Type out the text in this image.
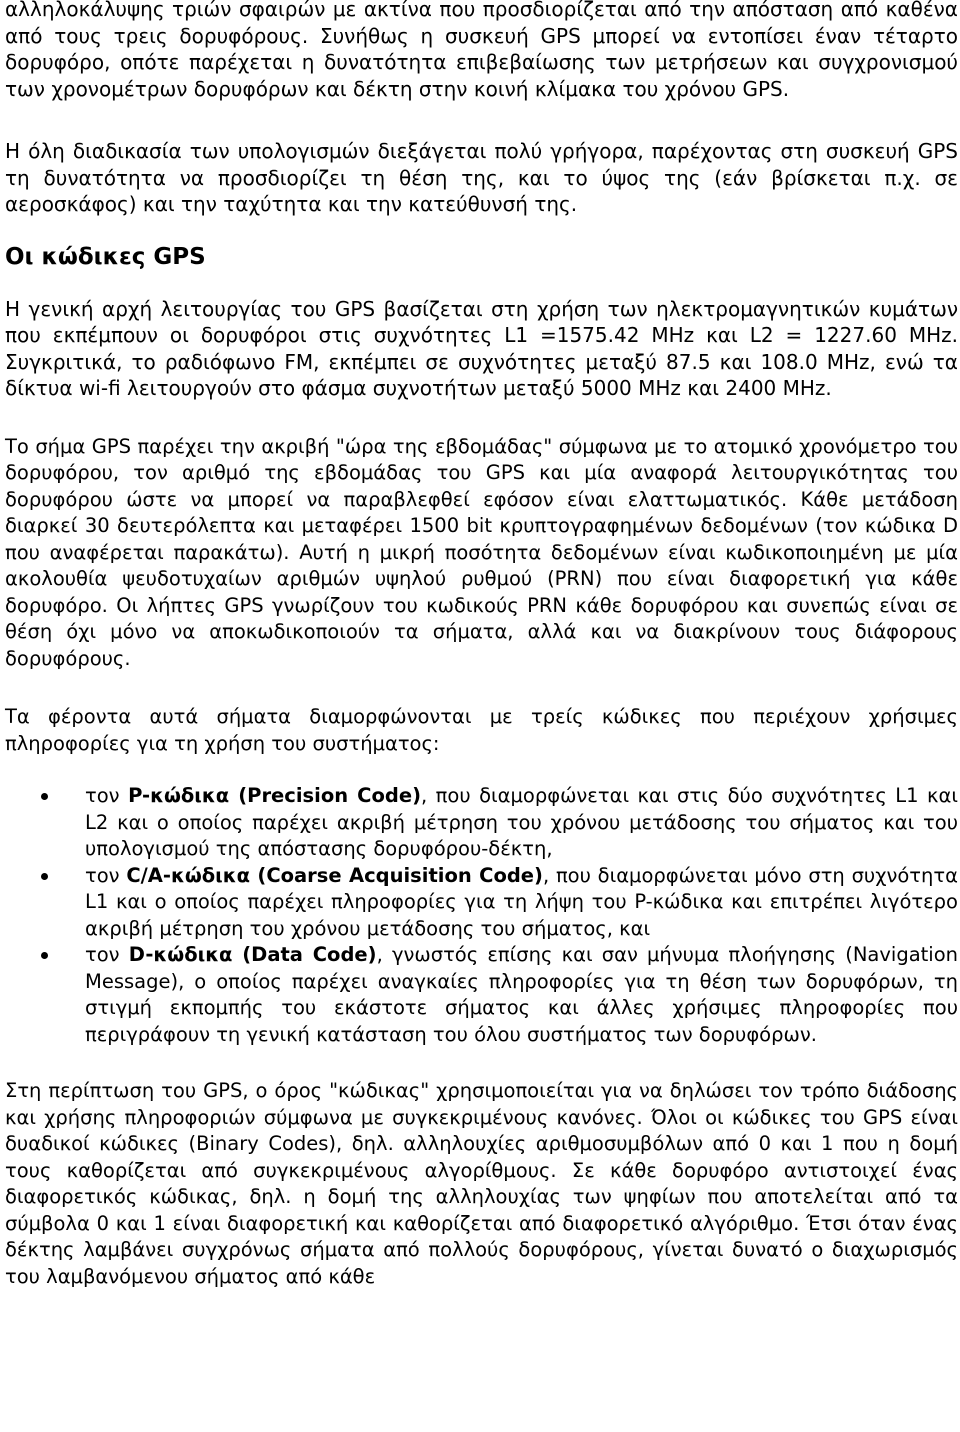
αλληλοκάλυψης τριών σφαιρών με ακτίνα που προσδιορίζεται από την απόσταση από καθένα από τους τρεις δορυφόρους. Συνήθως η συσκευή GPS μπορεί να εντοπίσει έναν τέταρτο δορυφόρο, οπότε παρέχεται η δυνατότητα επιβεβαίωσης των μετρήσεων και συγχρονισμού των χρονομέτρων δορυφόρων και δέκτη στην κοινή κλίμακα του χρόνου GPS.

Η όλη διαδικασία των υπολογισμών διεξάγεται πολύ γρήγορα, παρέχοντας στη συσκευή GPS τη δυνατότητα να προσδιορίζει τη θέση της, και το ύψος της (εάν βρίσκεται π.χ. σε αεροσκάφος) και την ταχύτητα και την κατεύθυνσή της.

Οι κώδικες GPS

Η γενική αρχή λειτουργίας του GPS βασίζεται στη χρήση των ηλεκτρομαγνητικών κυμάτων που εκπέμπουν οι δορυφόροι στις συχνότητες L1 =1575.42 MHz και L2 = 1227.60 MHz. Συγκριτικά, το ραδιόφωνο FM, εκπέμπει σε συχνότητες μεταξύ 87.5 και 108.0 MHz, ενώ τα δίκτυα wi-fi λειτουργούν στο φάσμα συχνοτήτων μεταξύ 5000 MHz και 2400 MHz.

Το σήμα GPS παρέχει την ακριβή "ώρα της εβδομάδας" σύμφωνα με το ατομικό χρονόμετρο του δορυφόρου, τον αριθμό της εβδομάδας του GPS και μία αναφορά λειτουργικότητας του δορυφόρου ώστε να μπορεί να παραβλεφθεί εφόσον είναι ελαττωματικός. Κάθε μετάδοση διαρκεί 30 δευτερόλεπτα και μεταφέρει 1500 bit κρυπτογραφημένων δεδομένων (τον κώδικα D που αναφέρεται παρακάτω). Αυτή η μικρή ποσότητα δεδομένων είναι κωδικοποιημένη με μία ακολουθία ψευδοτυχαίων αριθμών υψηλού ρυθμού (PRN) που είναι διαφορετική για κάθε δορυφόρο. Οι λήπτες GPS γνωρίζουν του κωδικούς PRN κάθε δορυφόρου και συνεπώς είναι σε θέση όχι μόνο να αποκωδικοποιούν τα σήματα, αλλά και να διακρίνουν τους διάφορους δορυφόρους.

Τα φέροντα αυτά σήματα διαμορφώνονται με τρείς κώδικες που περιέχουν χρήσιμες πληροφορίες για τη χρήση του συστήματος:

τον P-κώδικα (Precision Code), που διαμορφώνεται και στις δύο συχνότητες L1 και L2 και ο οποίος παρέχει ακριβή μέτρηση του χρόνου μετάδοσης του σήματος και του υπολογισμού της απόστασης δορυφόρου-δέκτη,
τον C/A-κώδικα (Coarse Acquisition Code), που διαμορφώνεται μόνο στη συχνότητα L1 και ο οποίος παρέχει πληροφορίες για τη λήψη του P-κώδικα και επιτρέπει λιγότερο ακριβή μέτρηση του χρόνου μετάδοσης του σήματος, και
τον D-κώδικα (Data Code), γνωστός επίσης και σαν μήνυμα πλοήγησης (Navigation Message), ο οποίος παρέχει αναγκαίες πληροφορίες για τη θέση των δορυφόρων, τη στιγμή εκπομπής του εκάστοτε σήματος και άλλες χρήσιμες πληροφορίες που περιγράφουν τη γενική κατάσταση του όλου συστήματος των δορυφόρων.

Στη περίπτωση του GPS, ο όρος "κώδικας" χρησιμοποιείται για να δηλώσει τον τρόπο διάδοσης και χρήσης πληροφοριών σύμφωνα με συγκεκριμένους κανόνες. Όλοι οι κώδικες του GPS είναι δυαδικοί κώδικες (Binary Codes), δηλ. αλληλουχίες αριθμοσυμβόλων από 0 και 1 που η δομή τους καθορίζεται από συγκεκριμένους αλγορίθμους. Σε κάθε δορυφόρο αντιστοιχεί ένας διαφορετικός κώδικας, δηλ. η δομή της αλληλουχίας των ψηφίων που αποτελείται από τα σύμβολα 0 και 1 είναι διαφορετική και καθορίζεται από διαφορετικό αλγόριθμο. Έτσι όταν ένας δέκτης λαμβάνει συγχρόνως σήματα από πολλούς δορυφόρους, γίνεται δυνατό ο διαχωρισμός του λαμβανόμενου σήματος από κάθε
